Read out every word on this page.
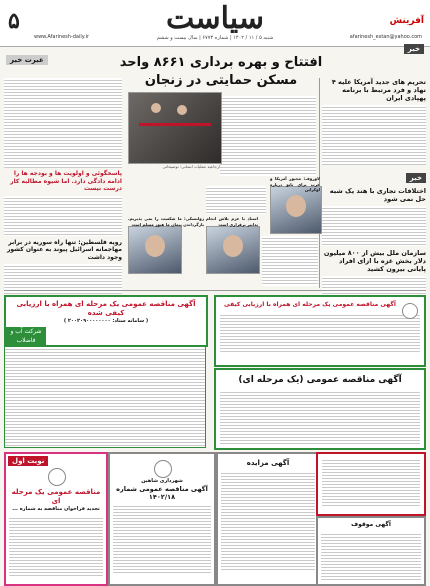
۵
www.Afarinesh-daily.ir
سیاست
شنبه ۵ / ۱۱ / ۱۴۰۲ | شماره ۶۷۷۳ | سال بیست و ششم
آفرینش
afarinesh_estan@yahoo.com
خبر
عبرت خبر	افتتاح و بهره برداری ۸۶۶۱ واحد مسکن حمایتی در زنجان	تحریم های جدید آمریکا علیه ۴ نهاد و فرد مرتبط با برنامه پهپادی ایران
خبر
اختلافات تجاری با هند یک شبه حل نمی شود
سازمان ملل بیش از ۸۰۰ میلیون دلار بخش غزه با ازای افراد پایانی بیرون کشید
ارجاعیه عملیات انسانی: توضیحاتی
پاسخگوئی و اولویت ها و بودجه ها را ادامه دادگی دارد. اما شیوه مطالبه کار درست نیست
رویه فلسطین: تنها راه سوریه در برابر مهاجمانه اسرائیل پیوند به عنوان کشور وجود داشت
لاوروف: مجبور آمریکا و غرب برای ناتو درباره اوکراین
استاد با عزم تلاش انجام تدابیر برقراری است
زولنسکی: ما شکست را نمی پذیریم. بازگرداندن پیمان ما هنوز مسلم است
آگهی مناقصه عمومی یک مرحله ای همراه با ارزیابی کیفی شده
( سامانه ستاد: ۲۰۰۲۰۹۰۰۰۰۰۰۰۰ )
شرکت آب و فاضلاب
آگهی مناقصه عمومی یک مرحله ای همراه با ارزیابی کیفی
آگهی مناقصه عمومی (یک مرحله ای)
نوبت اول
مناقصه عمومی یک مرحله ای
تجدید فراخوان مناقصه به شماره ...
شهرداری شاهین
آگهی مناقصه عمومی شماره ۱۴۰۲/۱۸
آگهی مزایده
آگهی موقوف
